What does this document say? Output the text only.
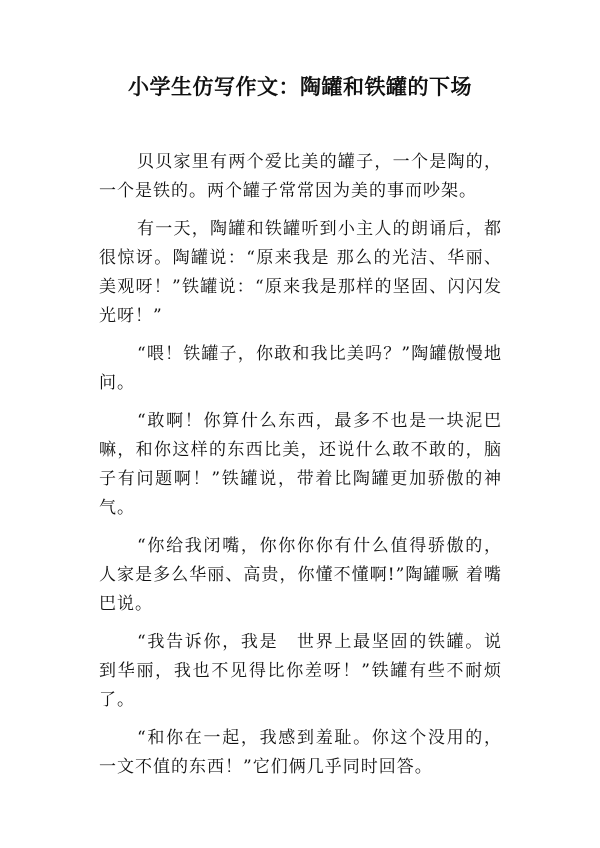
小学生仿写作文：陶罐和铁罐的下场

贝贝家里有两个爱比美的罐子，一个是陶的，一个是铁的。两个罐子常常因为美的事而吵架。

有一天，陶罐和铁罐听到小主人的朗诵后，都很惊讶。陶罐说：“原来我是 那么的光洁、华丽、美观呀！”铁罐说：“原来我是那样的坚固、闪闪发光呀！”

“喂！铁罐子，你敢和我比美吗？”陶罐傲慢地问。

“敢啊！你算什么东西，最多不也是一块泥巴嘛，和你这样的东西比美，还说什么敢不敢的，脑子有问题啊！”铁罐说，带着比陶罐更加骄傲的神气。

“你给我闭嘴，你你你你有什么值得骄傲的，人家是多么华丽、高贵，你懂不懂啊!”陶罐噘 着嘴巴说。

“我告诉你，我是　世界上最坚固的铁罐。说到华丽，我也不见得比你差呀！”铁罐有些不耐烦了。

“和你在一起，我感到羞耻。你这个没用的，一文不值的东西！”它们俩几乎同时回答。
